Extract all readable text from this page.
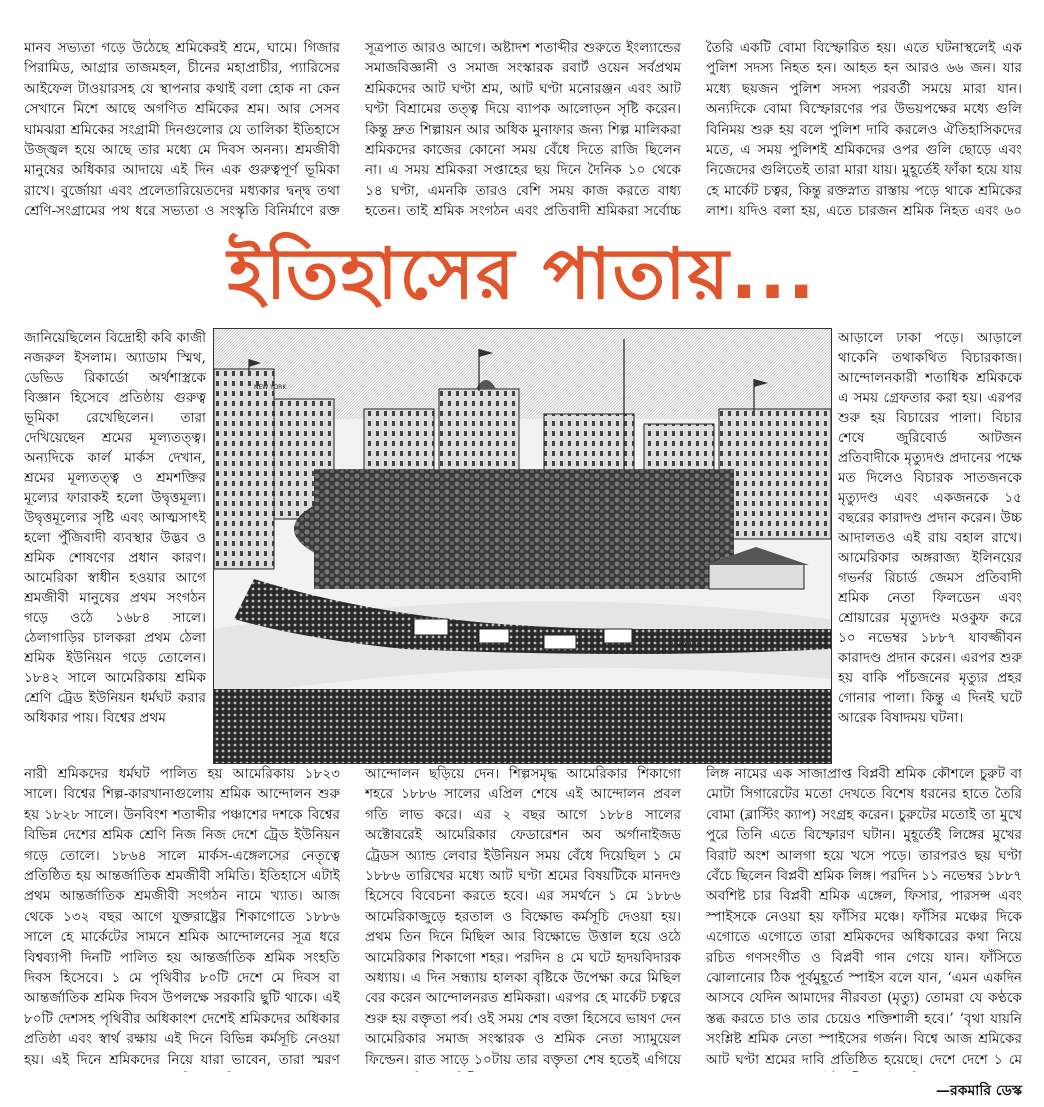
মানব সভ্যতা গড়ে উঠেছে শ্রমিকেরই শ্রমে, ঘামে। গিজার পিরামিড, আগ্রার তাজমহল, চীনের মহাপ্রাচীর, প্যারিসের আইফেল টাওয়ারসহ যে স্থাপনার কথাই বলা হোক না কেন সেখানে মিশে আছে অগণিত শ্রমিকের শ্রম। আর সেসব ঘামঝরা শ্রমিকের সংগ্রামী দিনগুলোর যে তালিকা ইতিহাসে উজ্জ্বল হয়ে আছে তার মধ্যে মে দিবস অনন্য। শ্রমজীবী মানুষের অধিকার আদায়ে এই দিন এক গুরুত্বপূর্ণ ভূমিকা রাখে। বুর্জোয়া এবং প্রলেতারিয়েতদের মধ্যকার দ্বন্দ্ব তথা শ্রেণি-সংগ্রামের পথ ধরে সভ্যতা ও সংস্কৃতি বিনির্মাণে রক্ত

সূত্রপাত আরও আগে। অষ্টাদশ শতাব্দীর শুরুতে ইংল্যান্ডের সমাজবিজ্ঞানী ও সমাজ সংস্কারক রবার্ট ওয়েন সর্বপ্রথম শ্রমিকদের আট ঘণ্টা শ্রম, আট ঘণ্টা মনোরঞ্জন এবং আট ঘণ্টা বিশ্রামের তত্ত্ব দিয়ে ব্যাপক আলোড়ন সৃষ্টি করেন। কিন্তু দ্রুত শিল্পায়ন আর অধিক মুনাফার জন্য শিল্প মালিকরা শ্রমিকদের কাজের কোনো সময় বেঁধে দিতে রাজি ছিলেন না। এ সময় শ্রমিকরা সপ্তাহের ছয় দিনে দৈনিক ১০ থেকে ১৪ ঘণ্টা, এমনকি তারও বেশি সময় কাজ করতে বাধ্য হতেন। তাই শ্রমিক সংগঠন এবং প্রতিবাদী শ্রমিকরা সর্বোচ্চ

তৈরি একটি বোমা বিস্ফোরিত হয়। এতে ঘটনাস্থলেই এক পুলিশ সদস্য নিহত হন। আহত হন আরও ৬৬ জন। যার মধ্যে ছয়জন পুলিশ সদস্য পরবর্তী সময়ে মারা যান। অন্যদিকে বোমা বিস্ফোরণের পর উভয়পক্ষের মধ্যে গুলি বিনিময় শুরু হয় বলে পুলিশ দাবি করলেও ঐতিহাসিকদের মতে, এ সময় পুলিশই শ্রমিকদের ওপর গুলি ছোড়ে এবং নিজেদের গুলিতেই তারা মারা যায়। মুহূর্তেই ফাঁকা হয়ে যায় হে মার্কেট চত্বর, কিন্তু রক্তস্নাত রাস্তায় পড়ে থাকে শ্রমিকের লাশ। যদিও বলা হয়, এতে চারজন শ্রমিক নিহত এবং ৬০

ইতিহাসের পাতায়...

জানিয়েছিলেন বিদ্রোহী কবি কাজী নজরুল ইসলাম। অ্যাডাম স্মিথ, ডেভিড রিকার্ডো অর্থশাস্ত্রকে বিজ্ঞান হিসেবে প্রতিষ্ঠায় গুরুত্ব ভূমিকা রেখেছিলেন। তারা দেখিয়েছেন শ্রমের মূল্যতত্ত্ব। অন্যদিকে কার্ল মার্কস দেখান, শ্রমের মূল্যতত্ত্ব ও শ্রমশক্তির মূল্যের ফারাকই হলো উদ্বৃত্তমূল্য। উদ্বৃত্তমূল্যের সৃষ্টি এবং আত্মসাৎই হলো পুঁজিবাদী ব্যবস্থার উদ্ভব ও শ্রমিক শোষণের প্রধান কারণ। আমেরিকা স্বাধীন হওয়ার আগে শ্রমজীবী মানুষের প্রথম সংগঠন গড়ে ওঠে ১৬৮৪ সালে। ঠেলাগাড়ির চালকরা প্রথম ঠেলা শ্রমিক ইউনিয়ন গড়ে তোলেন। ১৮৪২ সালে আমেরিকায় শ্রমিক শ্রেণি ট্রেড ইউনিয়ন ধর্মঘট করার অধিকার পায়। বিশ্বের প্রথম

আড়ালে ঢাকা পড়ে। আড়ালে থাকেনি তথাকথিত বিচারকাজ। আন্দোলনকারী শতাধিক শ্রমিককে এ সময় গ্রেফতার করা হয়। এরপর শুরু হয় বিচারের পালা। বিচার শেষে জুরিবোর্ড আটজন প্রতিবাদীকে মৃত্যুদণ্ড প্রদানের পক্ষে মত দিলেও বিচারক সাতজনকে মৃত্যুদণ্ড এবং একজনকে ১৫ বছরের কারাদণ্ড প্রদান করেন। উচ্চ আদালতও এই রায় বহাল রাখে। আমেরিকার অঙ্গরাজ্য ইলিনয়ের গভর্নর রিচার্ড জেমস প্রতিবাদী শ্রমিক নেতা ফিলডেন এবং শ্রোয়ারের মৃত্যুদণ্ড মওকুফ করে ১০ নভেম্বর ১৮৮৭ যাবজ্জীবন কারাদণ্ড প্রদান করেন। এরপর শুরু হয় বাকি পাঁচজনের মৃত্যুর প্রহর গোনার পালা। কিন্তু এ দিনই ঘটে আরেক বিষাদময় ঘটনা।

8 HOURS
NEW YORK

নারী শ্রমিকদের ধর্মঘট পালিত হয় আমেরিকায় ১৮২৩ সালে। বিশ্বের শিল্প-কারখানাগুলোয় শ্রমিক আন্দোলন শুরু হয় ১৮২৮ সালে। উনবিংশ শতাব্দীর পঞ্চাশের দশকে বিশ্বের বিভিন্ন দেশের শ্রমিক শ্রেণি নিজ নিজ দেশে ট্রেড ইউনিয়ন গড়ে তোলে। ১৮৬৪ সালে মার্কস-এঙ্গেলসের নেতৃত্বে প্রতিষ্ঠিত হয় আন্তর্জাতিক শ্রমজীবী সমিতি। ইতিহাসে এটাই প্রথম আন্তর্জাতিক শ্রমজীবী সংগঠন নামে খ্যাত। আজ থেকে ১৩২ বছর আগে যুক্তরাষ্ট্রের শিকাগোতে ১৮৮৬ সালে হে মার্কেটের সামনে শ্রমিক আন্দোলনের সূত্র ধরে বিশ্বব্যাপী দিনটি পালিত হয় আন্তর্জাতিক শ্রমিক সংহতি দিবস হিসেবে। ১ মে পৃথিবীর ৮০টি দেশে মে দিবস বা আন্তর্জাতিক শ্রমিক দিবস উপলক্ষে সরকারি ছুটি থাকে। এই ৮০টি দেশসহ পৃথিবীর অধিকাংশ দেশেই শ্রমিকদের অধিকার প্রতিষ্ঠা এবং স্বার্থ রক্ষায় এই দিনে বিভিন্ন কর্মসূচি নেওয়া হয়। এই দিনে শ্রমিকদের নিয়ে যারা ভাবেন, তারা স্মরণ

আন্দোলন ছড়িয়ে দেন। শিল্পসমৃদ্ধ আমেরিকার শিকাগো শহরে ১৮৮৬ সালের এপ্রিল শেষে এই আন্দোলন প্রবল গতি লাভ করে। এর ২ বছর আগে ১৮৮৪ সালের অক্টোবরেই আমেরিকার ফেডারেশন অব অর্গানাইজড ট্রেডস অ্যান্ড লেবার ইউনিয়ন সময় বেঁধে দিয়েছিল ১ মে ১৮৮৬ তারিখের মধ্যে আট ঘণ্টা শ্রমের বিষয়টিকে মানদণ্ড হিসেবে বিবেচনা করতে হবে। এর সমর্থনে ১ মে ১৮৮৬ আমেরিকাজুড়ে হরতাল ও বিক্ষোভ কর্মসূচি দেওয়া হয়। প্রথম তিন দিনে মিছিল আর বিক্ষোভে উত্তাল হয়ে ওঠে আমেরিকার শিকাগো শহর। পরদিন ৪ মে ঘটে হৃদয়বিদারক অধ্যায়। এ দিন সন্ধ্যায় হালকা বৃষ্টিকে উপেক্ষা করে মিছিল বের করেন আন্দোলনরত শ্রমিকরা। এরপর হে মার্কেট চত্বরে শুরু হয় বক্তৃতা পর্ব। ওই সময় শেষ বক্তা হিসেবে ভাষণ দেন আমেরিকার সমাজ সংস্কারক ও শ্রমিক নেতা স্যামুয়েল ফিল্ডেন। রাত সাড়ে ১০টায় তার বক্তৃতা শেষ হতেই এগিয়ে

লিঙ্গ নামের এক সাজাপ্রাপ্ত বিপ্লবী শ্রমিক কৌশলে চুরুট বা মোটা সিগারেটের মতো দেখতে বিশেষ ধরনের হাতে তৈরি বোমা (ব্লাস্টিং ক্যাপ) সংগ্রহ করেন। চুরুটের মতোই তা মুখে পুরে তিনি এতে বিস্ফোরণ ঘটান। মুহূর্তেই লিঙ্গের মুখের বিরাট অংশ আলগা হয়ে খসে পড়ে। তারপরও ছয় ঘণ্টা বেঁচে ছিলেন বিপ্লবী শ্রমিক লিঙ্গ। পরদিন ১১ নভেম্বর ১৮৮৭ অবশিষ্ট চার বিপ্লবী শ্রমিক এঙ্গেল, ফিসার, পারসন্স এবং স্পাইসকে নেওয়া হয় ফাঁসির মঞ্চে। ফাঁসির মঞ্চের দিকে এগোতে এগোতে তারা শ্রমিকদের অধিকারের কথা নিয়ে রচিত গণসংগীত ও বিপ্লবী গান গেয়ে যান। ফাঁসিতে ঝোলানোর ঠিক পূর্বমুহূর্তে স্পাইস বলে যান, ‘এমন একদিন আসবে যেদিন আমাদের নীরবতা (মৃত্যু) তোমরা যে কণ্ঠকে স্তব্ধ করতে চাও তার চেয়েও শক্তিশালী হবে।’ ‘বৃথা যায়নি সংশ্লিষ্ট শ্রমিক নেতা স্পাইসের গর্জন। বিশ্বে আজ শ্রমিকের আট ঘণ্টা শ্রমের দাবি প্রতিষ্ঠিত হয়েছে। দেশে দেশে ১ মে

—রকমারি ডেস্ক
